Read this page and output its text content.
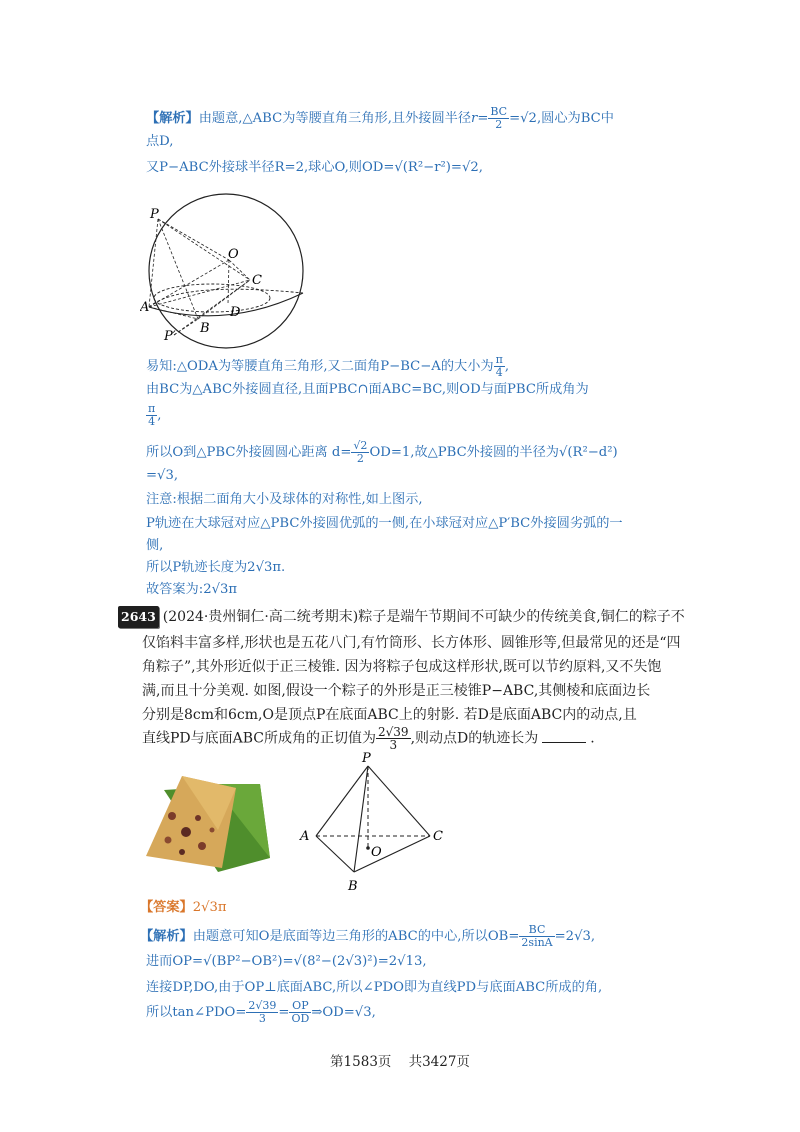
【解析】由题意,△ABC为等腰直角三角形,且外接圆半径$r= \frac{BC}{2} =√2$,圆心为BC中
点D,
又P−ABC外接球半径R=2,球心O,则OD=√(R²−r²)=√2,
P
O
C
A	D
B
P′
易知:△ODA为等腰直角三角形,又二面角P−BC−A的大小为 $\frac{\pi}{4}$ ,
由BC为△ABC外接圆直径,且面PBC∩面ABC=BC,则OD与面PBC所成角为
$\frac{\pi}{4}$ ,
所以O到△PBC外接圆圆心距离 $d= \frac{√2}{2} OD=1$,故△PBC外接圆的半径为√(R²−d²)
=√3,
注意:根据二面角大小及球体的对称性,如上图示,
P轨迹在大球冠对应△PBC外接圆优弧的一侧,在小球冠对应△P′BC外接圆劣弧的一
侧,
所以P轨迹长度为2√3π.
故答案为:2√3π
2643 (2024·贵州铜仁·高二统考期末)粽子是端午节期间不可缺少的传统美食,铜仁的粽子不
仅馅料丰富多样,形状也是五花八门,有竹筒形、长方体形、圆锥形等,但最常见的还是“四
角粽子”,其外形近似于正三棱锥. 因为将粽子包成这样形状,既可以节约原料,又不失饱
满,而且十分美观. 如图,假设一个粽子的外形是正三棱锥P−ABC,其侧棱和底面边长
分别是8cm和6cm,O是顶点P在底面ABC上的射影. 若D是底面ABC内的动点,且
直线PD与底面ABC所成角的正切值为 $\frac{2√39}{3}$ ,则动点D的轨迹长为	.
P
A	C
O
B
【答案】2√3π
【解析】由题意可知O是底面等边三角形的ABC的中心,所以$OB= \frac{BC}{2\sin A} =2√3$,
进而OP=√(BP²−OB²)=√(8²−(2√3)²)=2√13,
连接DP,DO,由于OP⊥底面ABC,所以∠PDO即为直线PD与底面ABC所成的角,
所以tan∠PDO= $\frac{2√39}{3} = \frac{OP}{OD}$ ⇒OD=√3,
第1583页 共3427页
